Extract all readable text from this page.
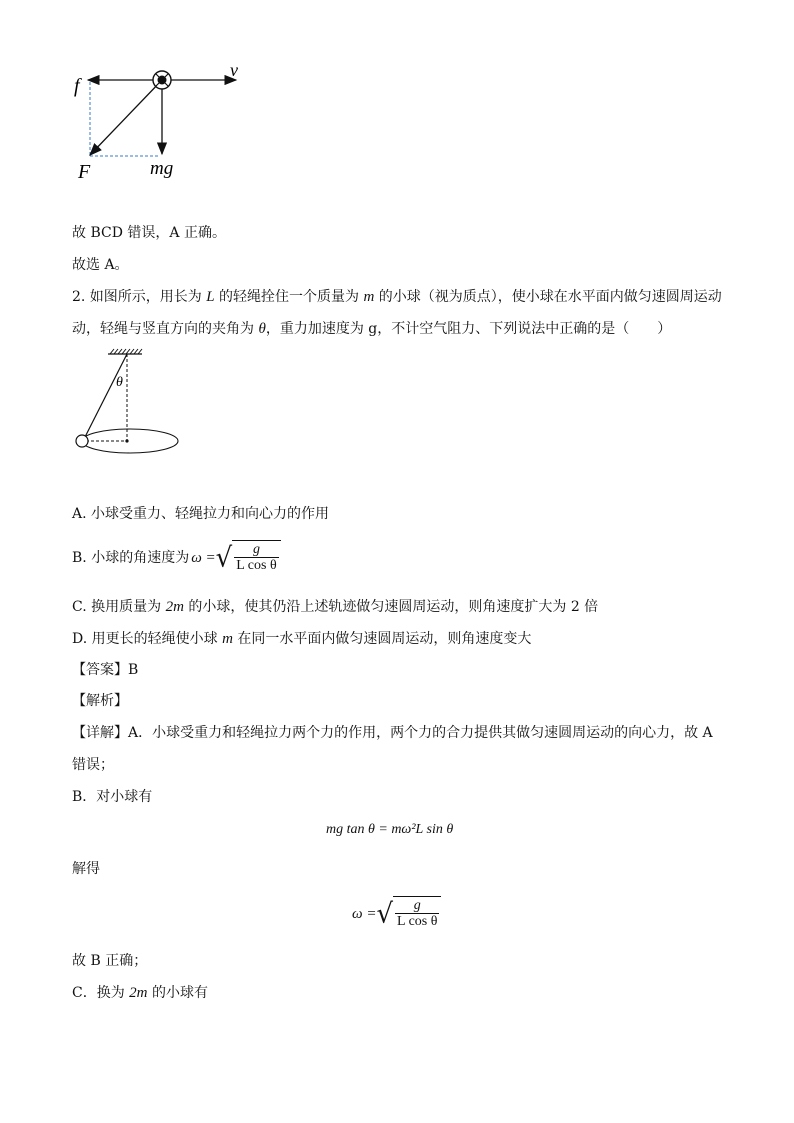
f
v
F	mg
故 BCD 错误，A 正确。
故选 A。
2. 如图所示，用长为 L 的轻绳拴住一个质量为 m 的小球（视为质点），使小球在水平面内做匀速圆周运动
动，轻绳与竖直方向的夹角为 θ，重力加速度为 g，不计空气阻力、下列说法中正确的是（　　）
θ
A. 小球受重力、轻绳拉力和向心力的作用
B. 小球的角速度为 ω = √ $\frac{g}{\text{L cos θ}}$
C. 换用质量为 2m 的小球，使其仍沿上述轨迹做匀速圆周运动，则角速度扩大为 2 倍
D. 用更长的轻绳使小球 m 在同一水平面内做匀速圆周运动，则角速度变大
【答案】B
【解析】
【详解】A．小球受重力和轻绳拉力两个力的作用，两个力的合力提供其做匀速圆周运动的向心力，故 A
错误；
B．对小球有
mg tan θ = mω²L sin θ
解得
ω = √ $\frac{g}{\text{L cos θ}}$
故 B 正确；
C．换为 2m 的小球有
